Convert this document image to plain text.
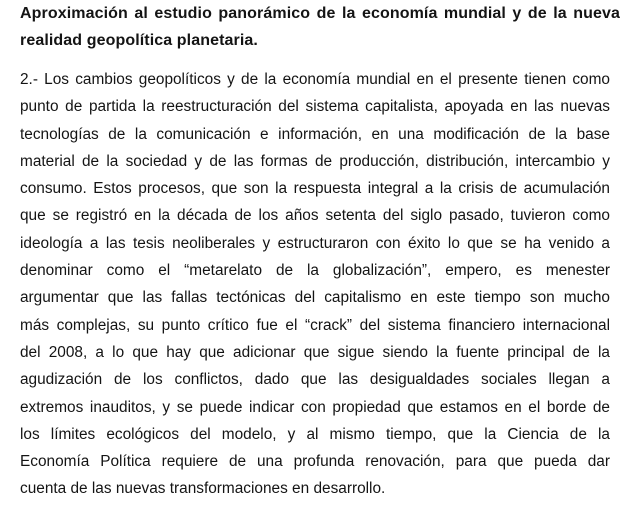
Aproximación al estudio panorámico de la economía mundial y de la nueva
realidad geopolítica planetaria.

2.- Los cambios geopolíticos y de la economía mundial en el presente tienen como
punto de partida la reestructuración del sistema capitalista, apoyada en las nuevas
tecnologías de la comunicación e información, en una modificación de la base
material de la sociedad y de las formas de producción, distribución, intercambio y
consumo. Estos procesos, que son la respuesta integral a la crisis de acumulación
que se registró en la década de los años setenta del siglo pasado, tuvieron como
ideología a las tesis neoliberales y estructuraron con éxito lo que se ha venido a
denominar como el “metarelato de la globalización”, empero, es menester
argumentar que las fallas tectónicas del capitalismo en este tiempo son mucho
más complejas, su punto crítico fue el “crack” del sistema financiero internacional
del 2008, a lo que hay que adicionar que sigue siendo la fuente principal de la
agudización de los conflictos, dado que las desigualdades sociales llegan a
extremos inauditos, y se puede indicar con propiedad que estamos en el borde de
los límites ecológicos del modelo, y al mismo tiempo, que la Ciencia de la
Economía Política requiere de una profunda renovación, para que pueda dar
cuenta de las nuevas transformaciones en desarrollo.
